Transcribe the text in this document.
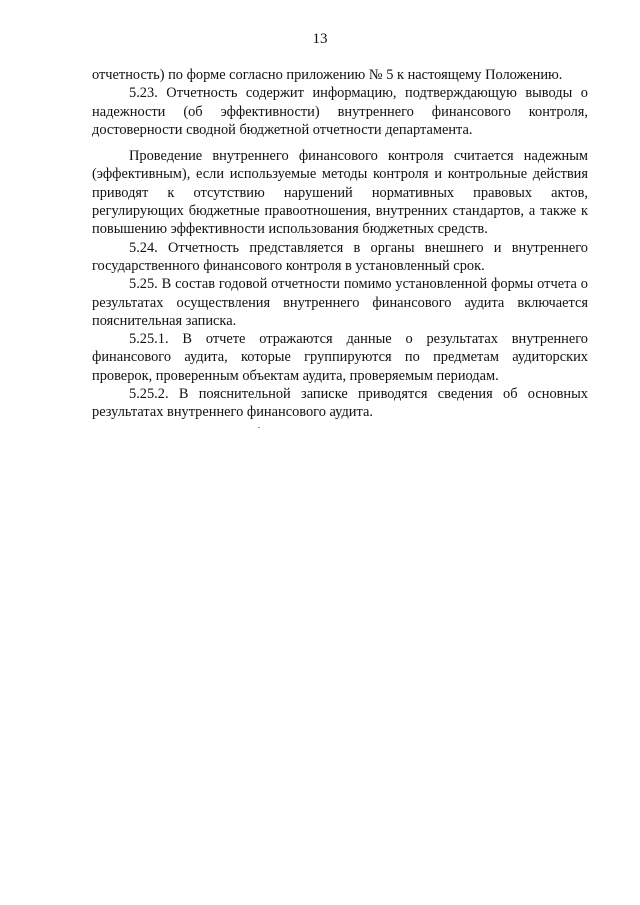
13

отчетность) по форме согласно приложению № 5 к настоящему Положению.

5.23. Отчетность содержит информацию, подтверждающую выводы о надежности (об эффективности) внутреннего финансового контроля, достоверности сводной бюджетной отчетности департамента.

Проведение внутреннего финансового контроля считается надежным (эффективным), если используемые методы контроля и контрольные действия приводят к отсутствию нарушений нормативных правовых актов, регулирующих бюджетные правоотношения, внутренних стандартов, а также к повышению эффективности использования бюджетных средств.

5.24. Отчетность представляется в органы внешнего и внутреннего государственного финансового контроля в установленный срок.

5.25. В состав годовой отчетности помимо установленной формы отчета о результатах осуществления внутреннего финансового аудита включается пояснительная записка.

5.25.1. В отчете отражаются данные о результатах внутреннего финансового аудита, которые группируются по предметам аудиторских проверок, проверенным объектам аудита, проверяемым периодам.

5.25.2. В пояснительной записке приводятся сведения об основных результатах внутреннего финансового аудита.
